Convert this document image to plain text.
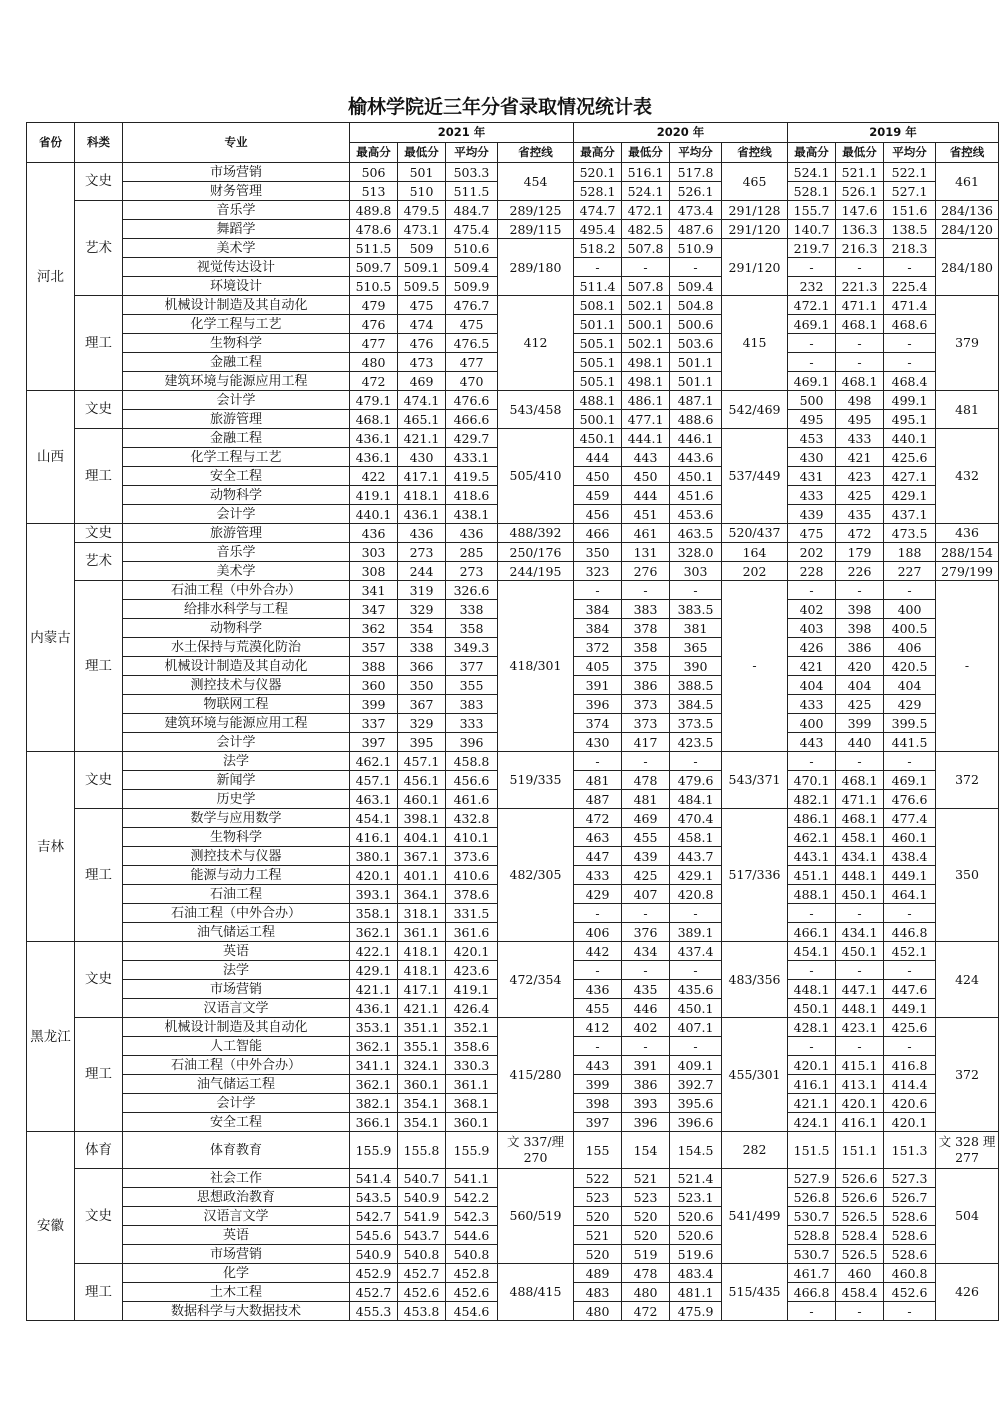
榆林学院近三年分省录取情况统计表
省份	科类	专业	2021 年				2020 年				2019 年			
			最高分	最低分	平均分	省控线	最高分	最低分	平均分	省控线	最高分	最低分	平均分	省控线
河北	文史	市场营销	506	501	503.3	454	520.1	516.1	517.8	465	524.1	521.1	522.1	461
		财务管理	513	510	511.5		528.1	524.1	526.1		528.1	526.1	527.1	
	艺术	音乐学	489.8	479.5	484.7	289/125	474.7	472.1	473.4	291/128	155.7	147.6	151.6	284/136
		舞蹈学	478.6	473.1	475.4	289/115	495.4	482.5	487.6	291/120	140.7	136.3	138.5	284/120
		美术学	511.5	509	510.6	289/180	518.2	507.8	510.9	291/120	219.7	216.3	218.3	284/180
		视觉传达设计	509.7	509.1	509.4		-	-	-		-	-	-	
		环境设计	510.5	509.5	509.9		511.4	507.8	509.4		232	221.3	225.4	
	理工	机械设计制造及其自动化	479	475	476.7	412	508.1	502.1	504.8	415	472.1	471.1	471.4	379
		化学工程与工艺	476	474	475		501.1	500.1	500.6		469.1	468.1	468.6	
		生物科学	477	476	476.5		505.1	502.1	503.6		-	-	-	
		金融工程	480	473	477		505.1	498.1	501.1		-	-	-	
		建筑环境与能源应用工程	472	469	470		505.1	498.1	501.1		469.1	468.1	468.4	
山西	文史	会计学	479.1	474.1	476.6	543/458	488.1	486.1	487.1	542/469	500	498	499.1	481
		旅游管理	468.1	465.1	466.6		500.1	477.1	488.6		495	495	495.1	
	理工	金融工程	436.1	421.1	429.7	505/410	450.1	444.1	446.1	537/449	453	433	440.1	432
		化学工程与工艺	436.1	430	433.1		444	443	443.6		430	421	425.6	
		安全工程	422	417.1	419.5		450	450	450.1		431	423	427.1	
		动物科学	419.1	418.1	418.6		459	444	451.6		433	425	429.1	
		会计学	440.1	436.1	438.1		456	451	453.6		439	435	437.1	
内蒙古	文史	旅游管理	436	436	436	488/392	466	461	463.5	520/437	475	472	473.5	436
	艺术	音乐学	303	273	285	250/176	350	131	328.0	164	202	179	188	288/154
		美术学	308	244	273	244/195	323	276	303	202	228	226	227	279/199
	理工	石油工程（中外合办）	341	319	326.6	418/301	-	-	-	-	-	-	-	-
		给排水科学与工程	347	329	338		384	383	383.5		402	398	400	
		动物科学	362	354	358		384	378	381		403	398	400.5	
		水土保持与荒漠化防治	357	338	349.3		372	358	365		426	386	406	
		机械设计制造及其自动化	388	366	377		405	375	390		421	420	420.5	
		测控技术与仪器	360	350	355		391	386	388.5		404	404	404	
		物联网工程	399	367	383		396	373	384.5		433	425	429	
		建筑环境与能源应用工程	337	329	333		374	373	373.5		400	399	399.5	
		会计学	397	395	396		430	417	423.5		443	440	441.5	
吉林	文史	法学	462.1	457.1	458.8	519/335	-	-	-	543/371	-	-	-	372
		新闻学	457.1	456.1	456.6		481	478	479.6		470.1	468.1	469.1	
		历史学	463.1	460.1	461.6		487	481	484.1		482.1	471.1	476.6	
	理工	数学与应用数学	454.1	398.1	432.8	482/305	472	469	470.4	517/336	486.1	468.1	477.4	350
		生物科学	416.1	404.1	410.1		463	455	458.1		462.1	458.1	460.1	
		测控技术与仪器	380.1	367.1	373.6		447	439	443.7		443.1	434.1	438.4	
		能源与动力工程	420.1	401.1	410.6		433	425	429.1		451.1	448.1	449.1	
		石油工程	393.1	364.1	378.6		429	407	420.8		488.1	450.1	464.1	
		石油工程（中外合办）	358.1	318.1	331.5		-	-	-		-	-	-	
		油气储运工程	362.1	361.1	361.6		406	376	389.1		466.1	434.1	446.8	
黑龙江	文史	英语	422.1	418.1	420.1	472/354	442	434	437.4	483/356	454.1	450.1	452.1	424
		法学	429.1	418.1	423.6		-	-	-		-	-	-	
		市场营销	421.1	417.1	419.1		436	435	435.6		448.1	447.1	447.6	
		汉语言文学	436.1	421.1	426.4		455	446	450.1		450.1	448.1	449.1	
	理工	机械设计制造及其自动化	353.1	351.1	352.1	415/280	412	402	407.1	455/301	428.1	423.1	425.6	372
		人工智能	362.1	355.1	358.6		-	-	-		-	-	-	
		石油工程（中外合办）	341.1	324.1	330.3		443	391	409.1		420.1	415.1	416.8	
		油气储运工程	362.1	360.1	361.1		399	386	392.7		416.1	413.1	414.4	
		会计学	382.1	354.1	368.1		398	393	395.6		421.1	420.1	420.6	
		安全工程	366.1	354.1	360.1		397	396	396.6		424.1	416.1	420.1	
安徽	体育	体育教育	155.9	155.8	155.9	文 337/理 270	155	154	154.5	282	151.5	151.1	151.3	文 328 理 277
	文史	社会工作	541.4	540.7	541.1	560/519	522	521	521.4	541/499	527.9	526.6	527.3	504
		思想政治教育	543.5	540.9	542.2		523	523	523.1		526.8	526.6	526.7	
		汉语言文学	542.7	541.9	542.3		520	520	520.6		530.7	526.5	528.6	
		英语	545.6	543.7	544.6		521	520	520.6		528.8	528.4	528.6	
		市场营销	540.9	540.8	540.8		520	519	519.6		530.7	526.5	528.6	
	理工	化学	452.9	452.7	452.8	488/415	489	478	483.4	515/435	461.7	460	460.8	426
		土木工程	452.7	452.6	452.6		483	480	481.1		466.8	458.4	452.6	
		数据科学与大数据技术	455.3	453.8	454.6		480	472	475.9		-	-	-	
